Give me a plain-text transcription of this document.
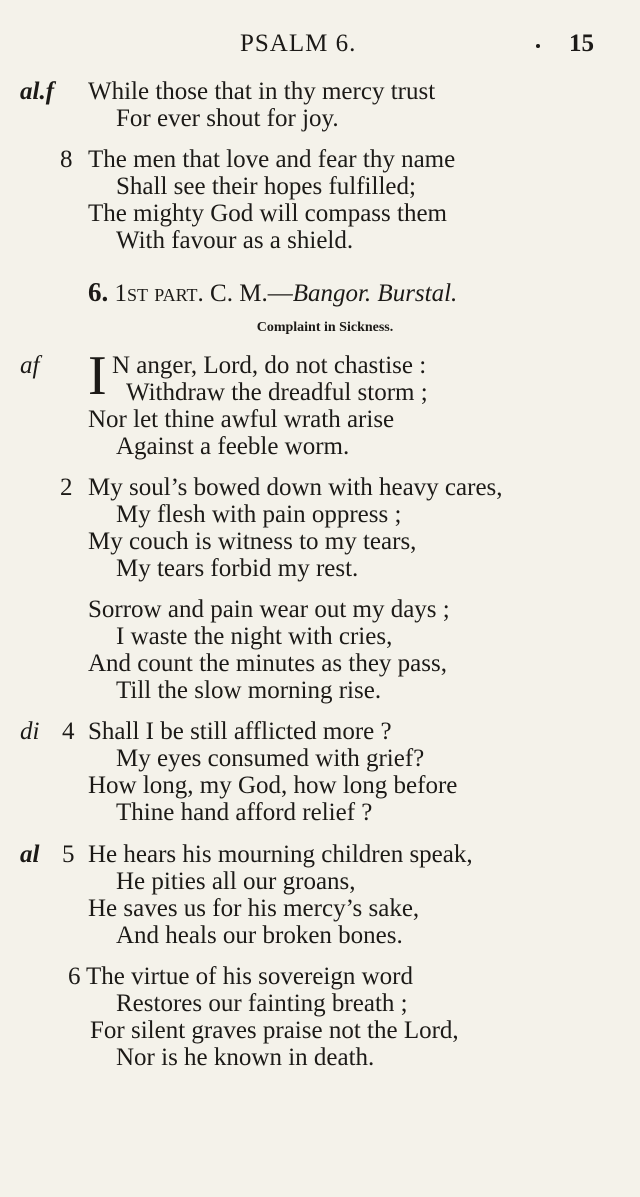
PSALM 6.	15
al.f While those that in thy mercy trust
For ever shout for joy.
8 The men that love and fear thy name
Shall see their hopes fulfilled;
The mighty God will compass them
With favour as a shield.
6. 1st part. C. M.—Bangor. Burstal.
Complaint in Sickness.
af I N anger, Lord, do not chastise :
Withdraw the dreadful storm ;
Nor let thine awful wrath arise
Against a feeble worm.
2 My soul’s bowed down with heavy cares,
My flesh with pain oppress ;
My couch is witness to my tears,
My tears forbid my rest.
Sorrow and pain wear out my days ;
I waste the night with cries,
And count the minutes as they pass,
Till the slow morning rise.
di 4 Shall I be still afflicted more ?
My eyes consumed with grief?
How long, my God, how long before
Thine hand afford relief ?
al 5 He hears his mourning children speak,
He pities all our groans,
He saves us for his mercy’s sake,
And heals our broken bones.
6 The virtue of his sovereign word
Restores our fainting breath ;
For silent graves praise not the Lord,
Nor is he known in death.
